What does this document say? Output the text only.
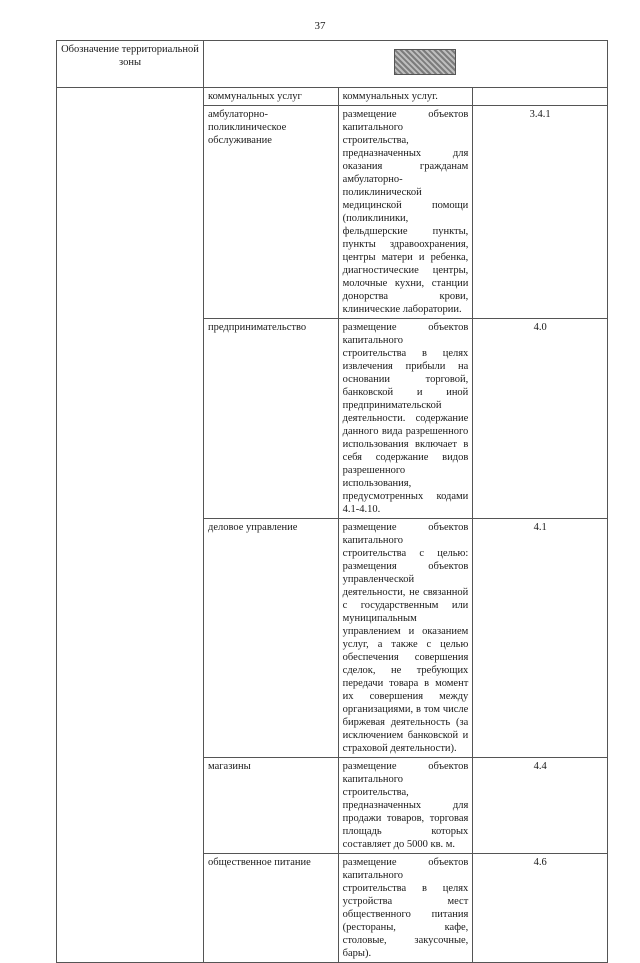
37
Обозначение территориальной зоны			

	коммунальных услуг	коммунальных услуг.	
	амбулаторно-поликлиническое обслуживание	размещение объектов капитального строительства, предназначенных для оказания гражданам амбулаторно-поликлинической медицинской помощи (поликлиники, фельдшерские пункты, пункты здравоохранения, центры матери и ребенка, диагностические центры, молочные кухни, станции донорства крови, клинические лаборатории.	3.4.1
	предпринимательство	размещение объектов капитального строительства в целях извлечения прибыли на основании торговой, банковской и иной предпринимательской деятельности. содержание данного вида разрешенного использования включает в себя содержание видов разрешенного использования, предусмотренных кодами 4.1-4.10.	4.0
	деловое управление	размещение объектов капитального строительства с целью: размещения объектов управленческой деятельности, не связанной с государственным или муниципальным управлением и оказанием услуг, а также с целью обеспечения совершения сделок, не требующих передачи товара в момент их совершения между организациями, в том числе биржевая деятельность (за исключением банковской и страховой деятельности).	4.1
	магазины	размещение объектов капитального строительства, предназначенных для продажи товаров, торговая площадь которых составляет до 5000 кв. м.	4.4
	общественное питание	размещение объектов капитального строительства в целях устройства мест общественного питания (рестораны, кафе, столовые, закусочные, бары).	4.6
